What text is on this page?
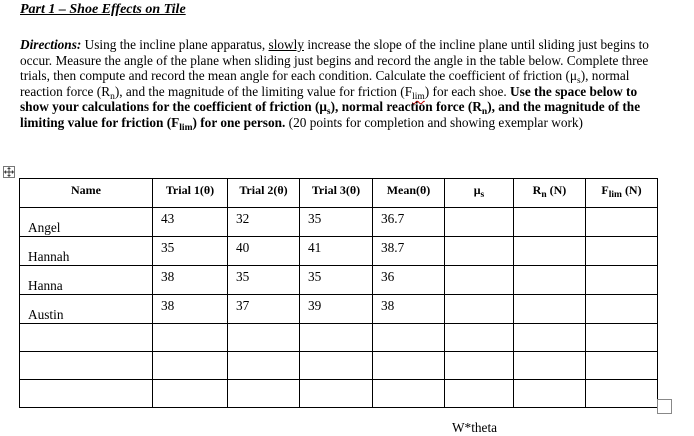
Part 1 – Shoe Effects on Tile
Directions: Using the incline plane apparatus, slowly increase the slope of the incline plane until sliding just begins to occur. Measure the angle of the plane when sliding just begins and record the angle in the table below. Complete three trials, then compute and record the mean angle for each condition. Calculate the coefficient of friction $(\mu_s)$, normal reaction force $(R_n)$, and the magnitude of the limiting value for friction $(F_{lim})$ for each shoe. Use the space below to show your calculations for the coefficient of friction $(\mu_s)$, normal reaction force $(R_n)$, and the magnitude of the limiting value for friction $(F_{lim})$ for one person. (20 points for completion and showing exemplar work)
Name	Trial 1(θ)	Trial 2(θ)	Trial 3(θ)	Mean(θ)	$\mu_s$	$R_n$ (N)	$F_{lim}$ (N)
Angel	43	32	35	36.7			
Hannah	35	40	41	38.7			
Hanna	38	35	35	36			
Austin	38	37	39	38			

W*theta
